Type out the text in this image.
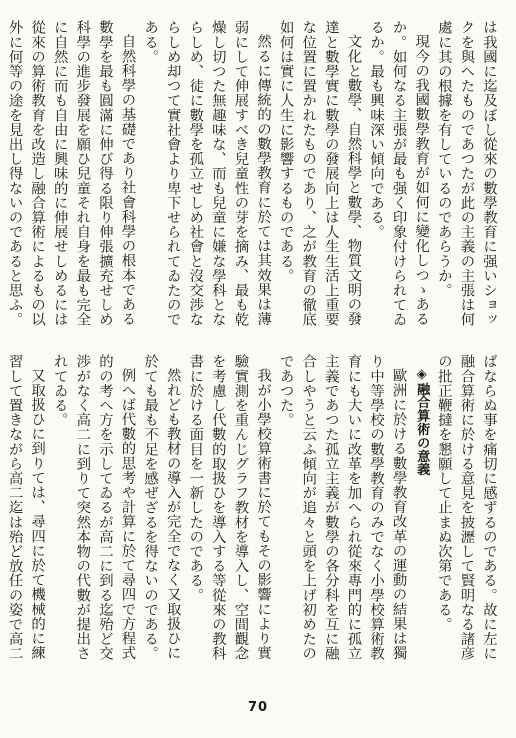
は我國に迄及ぼし從來の數學教育に强いショックを與へたものであつたが此の主義の主張は何處に其の根據を有しているのであらうか。

現今の我國數學教育が如何に變化しつゝあるか。如何なる主張が最も强く印象付けられてゐるか。最も興味深い傾向である。

文化と數學、自然科學と數學、物質文明の發達と數學實に數學の發展向上は人生生活上重要な位置に置かれたものであり、之が教育の徹底如何は實に人生に影響するものである。

然るに傳統的の數學教育に於ては其效果は薄弱にして伸展すべき兒童性の芽を摘み、最も乾燥し切つた無趣味な、而も兒童に嫌な學科とならしめ、徒に數學を孤立せしめ社會と沒交渉ならしめ却つて實社會より卑下せられてゐたのである。

自然科學の基礎であり社會科學の根本である數學を最も圓滿に伸び得る限り伸張擴充せしめ科學の進步發展を願ひ兒童それ自身を最も完全に自然に而も自由に興味的に伸展せしめるには從來の算術教育を改造し融合算術によるもの以外に何等の途を見出し得ないのであると思ふ。

ばならぬ事を痛切に感ずるのである。故に左に融合算術に於ける意見を披瀝して賢明なる諸彦の批正鞭撻を懇願して止まぬ次第である。

◈融合算術の意義

歐洲に於ける數學教育改革の運動の結果は獨り中等學校の數學教育のみでなく小學校算術教育にも大いに改革を加へられ從來專門的に孤立主義であつた孤立主義が數學の各分科を互に融合しやうと云ふ傾向が追々と頭を上げ初めたのであつた。

我が小學校算術書に於てもその影響により實驗實測を重んじグラフ教材を導入し、空間觀念を考慮し代數的取扱ひを導入する等從來の教科書に於ける面目を一新したのである。

然れども教材の導入が完全でなく又取扱ひに於ても最も不足を感ぜざるを得ないのである。

例へば代數的思考や計算に於て尋四で方程式的の考へ方を示してゐるが高二に到る迄殆ど交渉がなく高二に到りて突然本物の代數が提出されてゐる。

又取扱ひに到りては、尋四に於て機械的に練習して置きながら高二迄は殆ど放任の姿で高二

70
